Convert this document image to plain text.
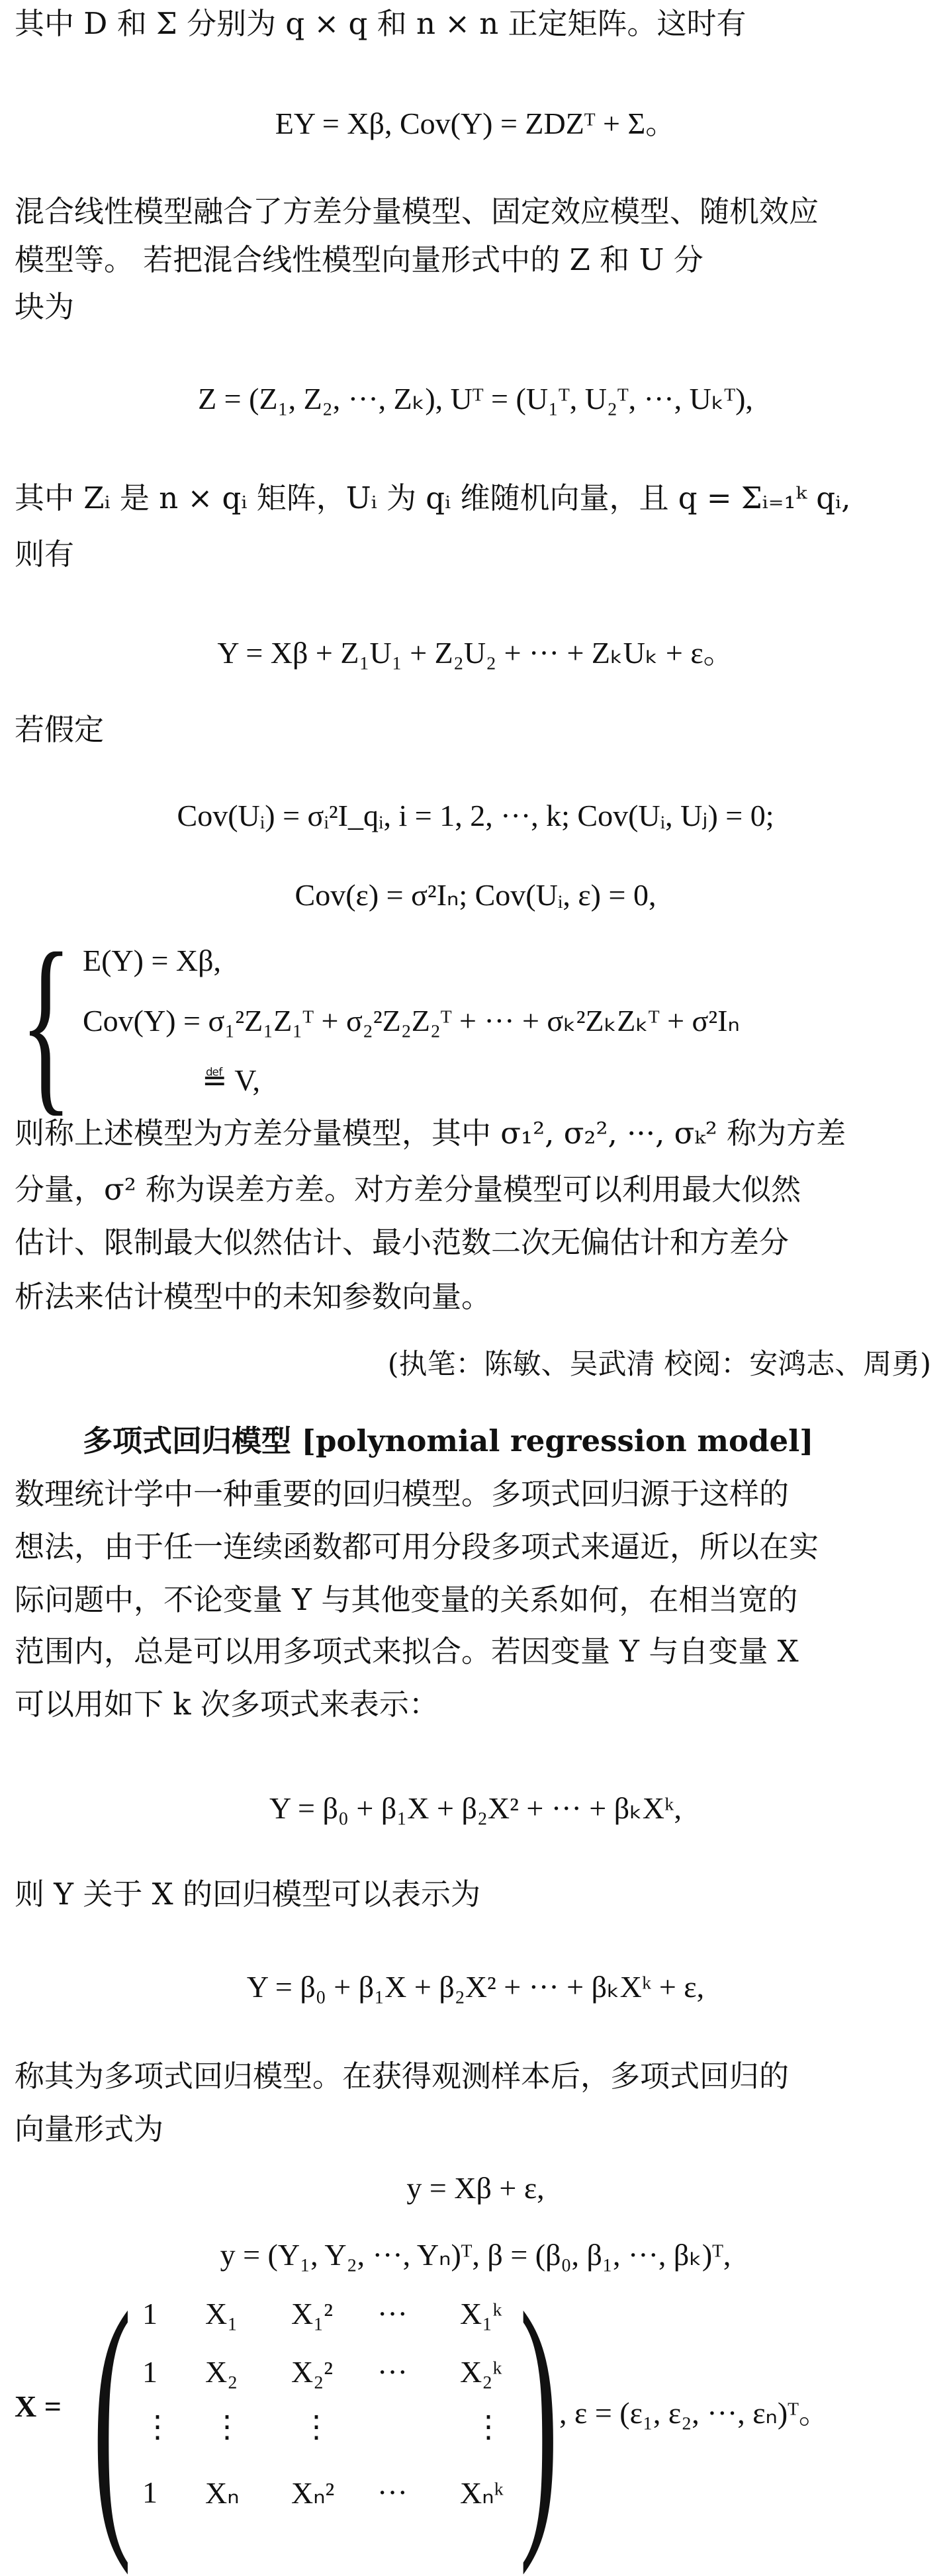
其中 D 和 Σ 分别为 q × q 和 n × n 正定矩阵。这时有
EY = Xβ, Cov(Y) = ZDZᵀ + Σ。
混合线性模型融合了方差分量模型、固定效应模型、随机效应
模型等。 若把混合线性模型向量形式中的 Z 和 U 分
块为
Z = (Z₁, Z₂, ···, Zₖ), Uᵀ = (U₁ᵀ, U₂ᵀ, ···, Uₖᵀ),
其中 Zᵢ 是 n × qᵢ 矩阵，Uᵢ 为 qᵢ 维随机向量，且 q = Σᵢ₌₁ᵏ qᵢ,
则有
Y = Xβ + Z₁U₁ + Z₂U₂ + ··· + ZₖUₖ + ε。
若假定
Cov(Uᵢ) = σᵢ²I_qᵢ, i = 1, 2, ···, k; Cov(Uᵢ, Uⱼ) = 0;
Cov(ε) = σ²Iₙ; Cov(Uᵢ, ε) = 0,
{ E(Y) = Xβ,
Cov(Y) = σ₁²Z₁Z₁ᵀ + σ₂²Z₂Z₂ᵀ + ··· + σₖ²ZₖZₖᵀ + σ²Iₙ
≝ V,
则称上述模型为方差分量模型，其中 σ₁², σ₂², ···, σₖ² 称为方差
分量，σ² 称为误差方差。对方差分量模型可以利用最大似然
估计、限制最大似然估计、最小范数二次无偏估计和方差分
析法来估计模型中的未知参数向量。
(执笔：陈敏、吴武清 校阅：安鸿志、周勇)
多项式回归模型 [polynomial regression model]
数理统计学中一种重要的回归模型。多项式回归源于这样的
想法，由于任一连续函数都可用分段多项式来逼近，所以在实
际问题中，不论变量 Y 与其他变量的关系如何，在相当宽的
范围内，总是可以用多项式来拟合。若因变量 Y 与自变量 X
可以用如下 k 次多项式来表示：
Y = β₀ + β₁X + β₂X² + ··· + βₖXᵏ,
则 Y 关于 X 的回归模型可以表示为
Y = β₀ + β₁X + β₂X² + ··· + βₖXᵏ + ε,
称其为多项式回归模型。在获得观测样本后，多项式回归的
向量形式为
y = Xβ + ε,
y = (Y₁, Y₂, ···, Yₙ)ᵀ, β = (β₀, β₁, ···, βₖ)ᵀ,
X = ( )
1 X₁ X₁² ··· X₁ᵏ
1 X₂ X₂² ··· X₂ᵏ
⋮ ⋮ ⋮	⋮
1 Xₙ Xₙ² ··· Xₙᵏ
, ε = (ε₁, ε₂, ···, εₙ)ᵀ。
